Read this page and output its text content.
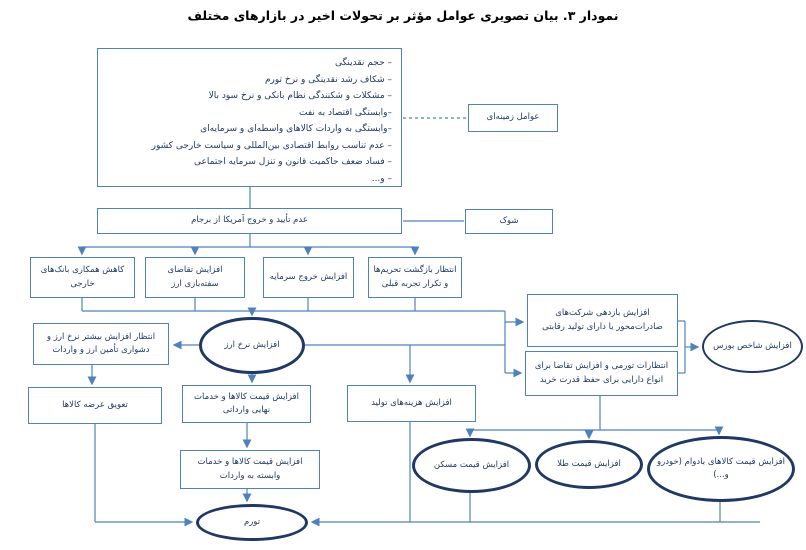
نمودار ۳. بیان تصویری عوامل مؤثر بر تحولات اخیر در بازارهای مختلف
– حجم نقدینگی
– شکاف رشد نقدینگی و نرخ تورم
– مشکلات و شکنندگی نظام بانکی و نرخ سود بالا
–وابستگی اقتصاد به نفت
–وابستگی به واردات کالاهای واسطه‌ای و سرمایه‌ای
– عدم تناسب روابط اقتصادی بین‌المللی و سیاست خارجی کشور
– فساد ضعف حاکمیت قانون و تنزل سرمایه اجتماعی
– و...
عوامل زمینه‌ای
عدم تأیید و خروج آمریکا از برجام	شوک
کاهش همکاری بانک‌های خارجی
افزایش تقاضای سفته‌بازی ارز
افزایش خروج سرمایه
انتظار بازگشت تحریم‌ها و تکرار تجربه قبلی
انتظار افزایش بیشتر نرخ ارز و دشواری تأمین ارز و واردات
افزایش نرخ ارز
افزایش بازدهی شرکت‌های صادرات‌محور یا دارای تولید رقابتی
انتظارات تورمی و افزایش تقاضا برای انواع دارایی برای حفظ قدرت خرید
افزایش شاخص بورس
تعویق عرضه کالاها
افزایش قیمت کالاها و خدمات نهایی وارداتی
افزایش هزینه‌های تولید
افزایش قیمت کالاها و خدمات وابسته به واردات
افزایش قیمت مسکن	افزایش قیمت طلا	افزایش قیمت کالاهای بادوام (خودرو و...)
تورم
